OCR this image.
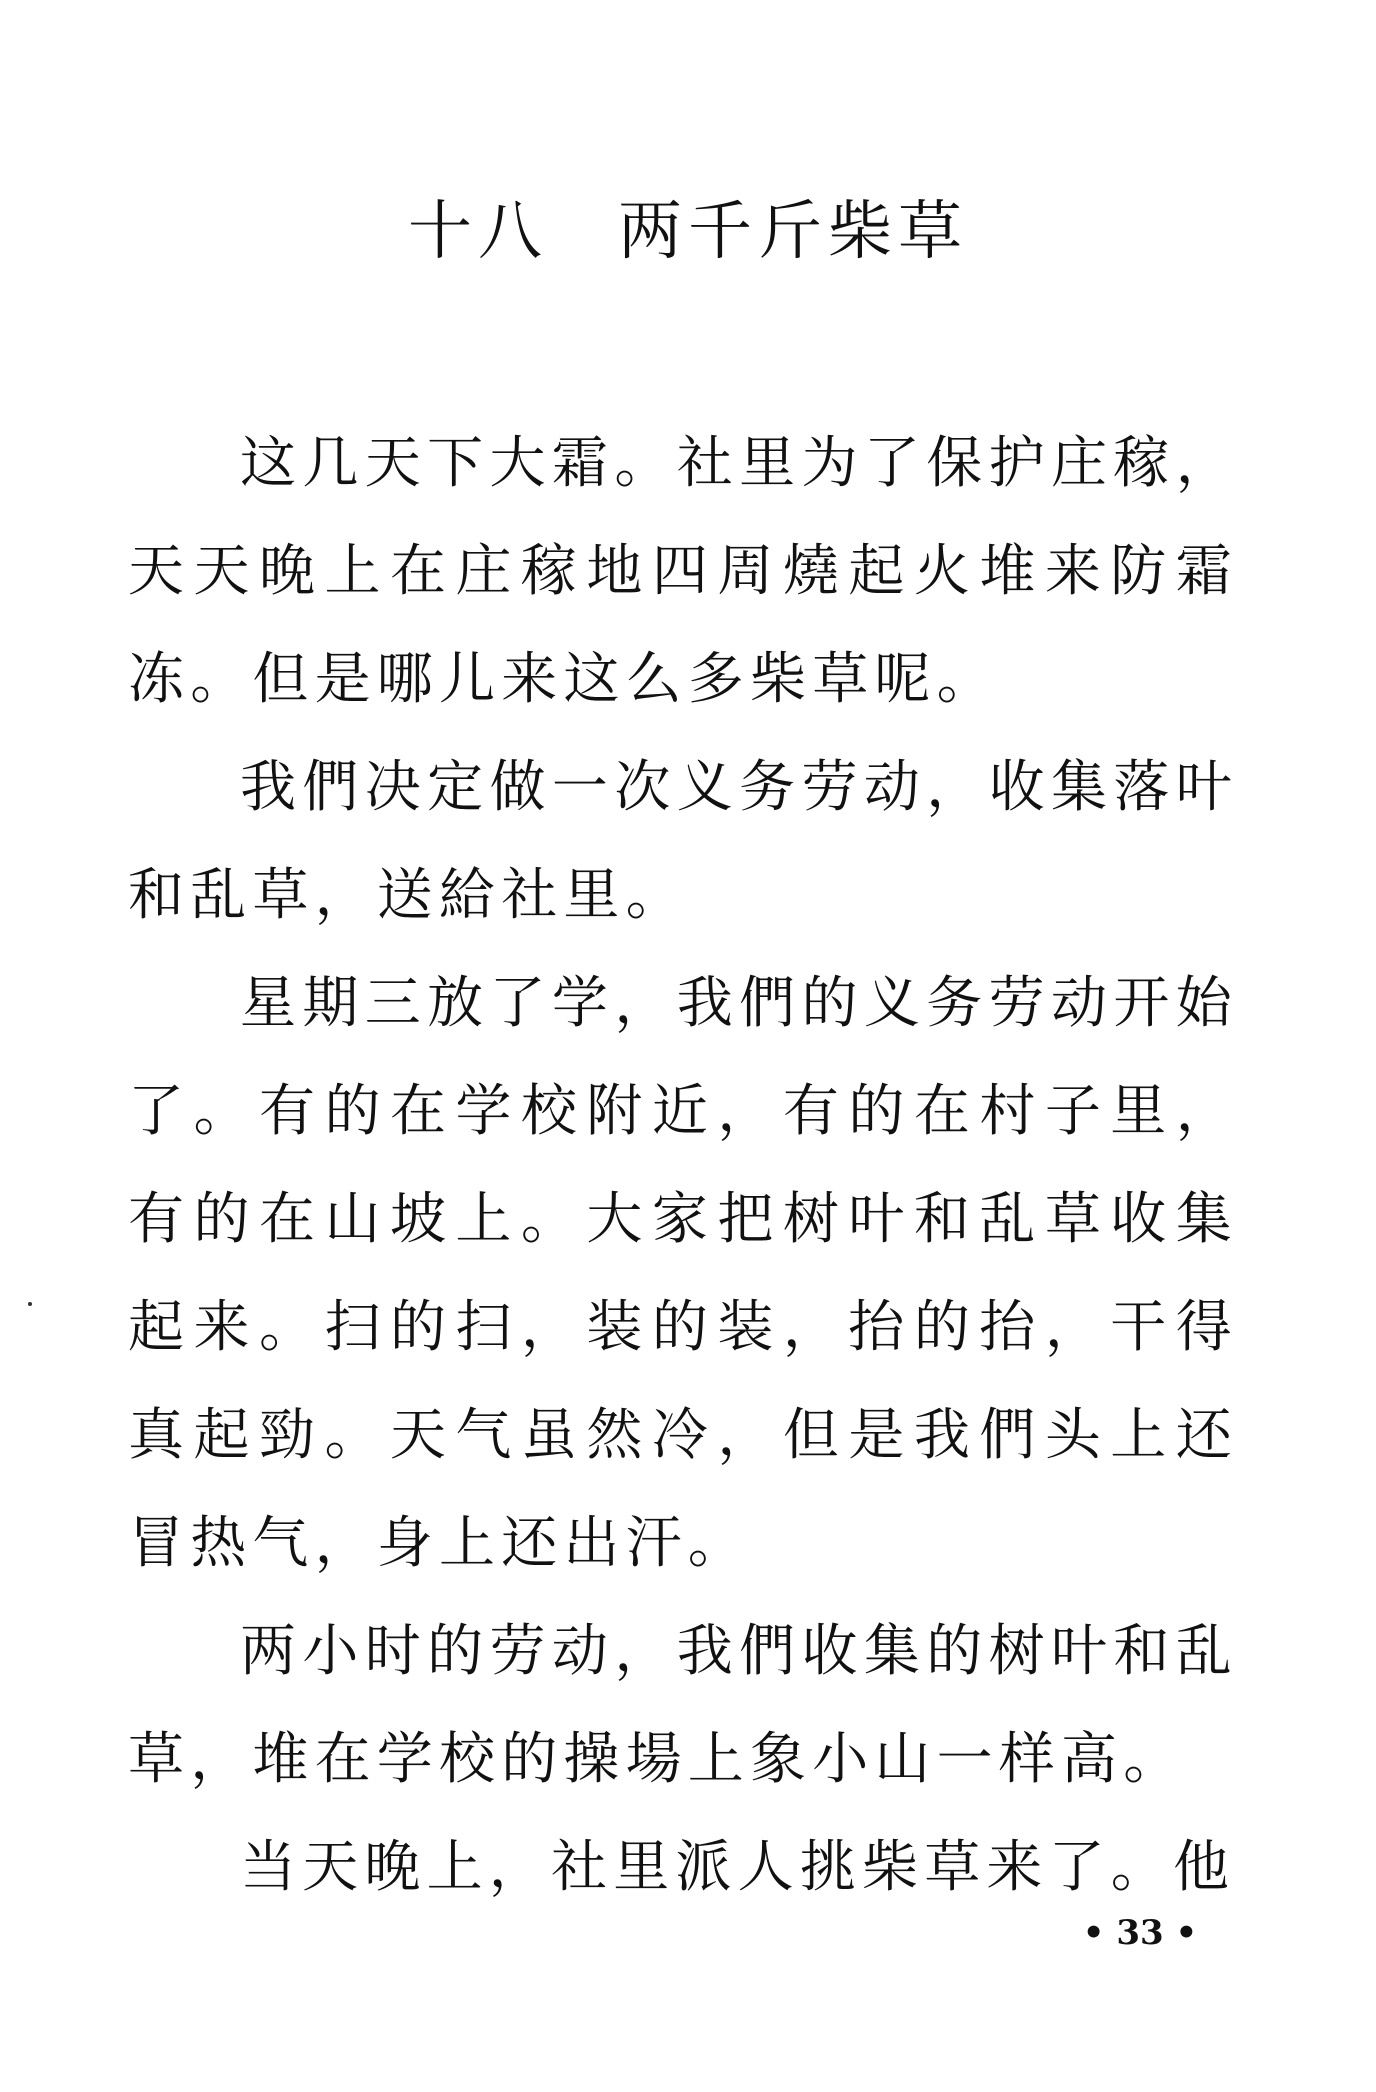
十八 两千斤柴草

这几天下大霜。社里为了保护庄稼，天天晚上在庄稼地四周燒起火堆来防霜冻。但是哪儿来这么多柴草呢。

我們决定做一次义务劳动，收集落叶和乱草，送給社里。

星期三放了学，我們的义务劳动开始了。有的在学校附近，有的在村子里，有的在山坡上。大家把树叶和乱草收集起来。扫的扫，装的装，抬的抬，干得真起勁。天气虽然冷，但是我們头上还冒热气，身上还出汗。

两小时的劳动，我們收集的树叶和乱草，堆在学校的操場上象小山一样高。

当天晚上，社里派人挑柴草来了。他

• 33 •
